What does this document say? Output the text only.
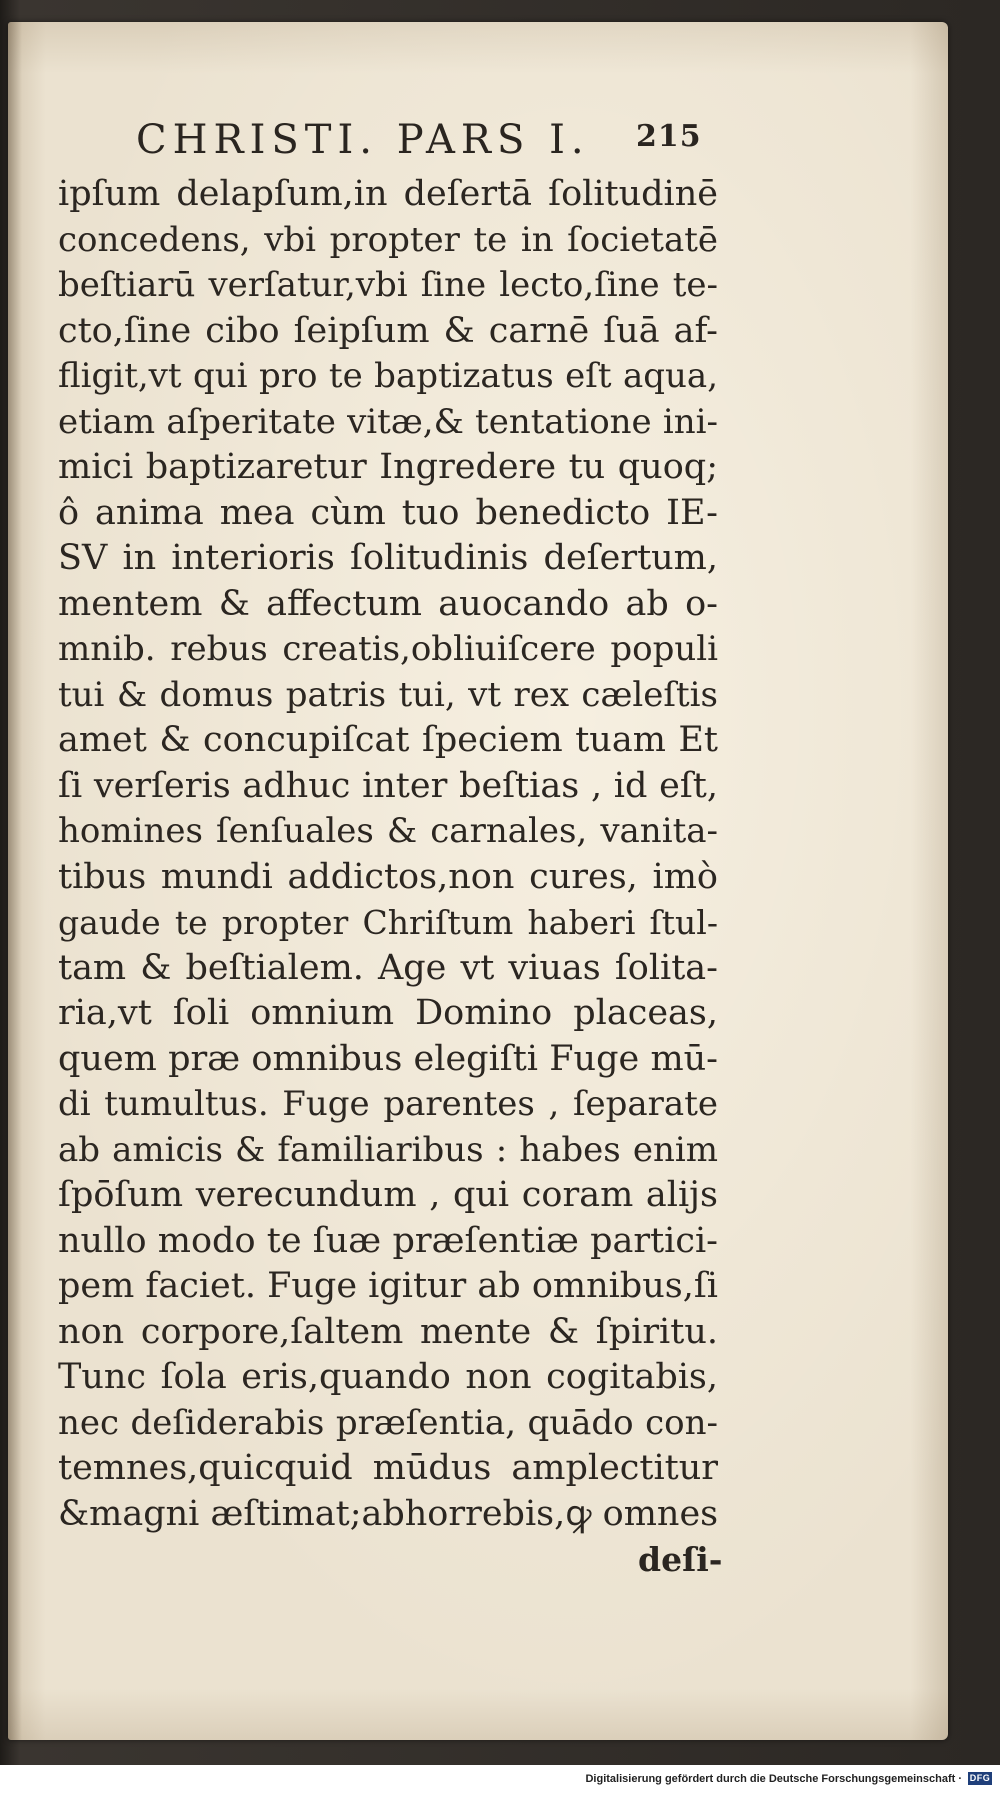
CHRISTI. PARS I. 215
ipſum delapſum,in deſertā ſolitudinē
concedens, vbi propter te in ſocietatē
beſtiarū verſatur,vbi ſine lecto,ſine te-
cto,ſine cibo ſeipſum & carnē ſuā af-
fligit,vt qui pro te baptizatus eſt aqua,
etiam aſperitate vitæ,& tentatione ini-
mici baptizaretur Ingredere tu quoq;
ô anima mea cùm tuo benedicto IE-
SV in interioris ſolitudinis deſertum,
mentem & affectum auocando ab o-
mnib. rebus creatis,obliuiſcere populi
tui & domus patris tui, vt rex cæleſtis
amet & concupiſcat ſpeciem tuam Et
ſi verſeris adhuc inter beſtias , id eſt,
homines ſenſuales & carnales, vanita-
tibus mundi addictos,non cures, imò
gaude te propter Chriſtum haberi ſtul-
tam & beſtialem. Age vt viuas ſolita-
ria,vt ſoli omnium Domino placeas,
quem præ omnibus elegiſti Fuge mū-
di tumultus. Fuge parentes , ſeparate
ab amicis & familiaribus : habes enim
ſpōſum verecundum , qui coram alijs
nullo modo te ſuæ præſentiæ partici-
pem faciet. Fuge igitur ab omnibus,ſi
non corpore,ſaltem mente & ſpiritu.
Tunc ſola eris,quando non cogitabis,
nec deſiderabis præſentia, quādo con-
temnes,quicquid mūdus amplectitur
&magni æſtimat;abhorrebis,ꝙ omnes
deſi-
Digitalisierung gefördert durch die Deutsche Forschungsgemeinschaft · DFG
